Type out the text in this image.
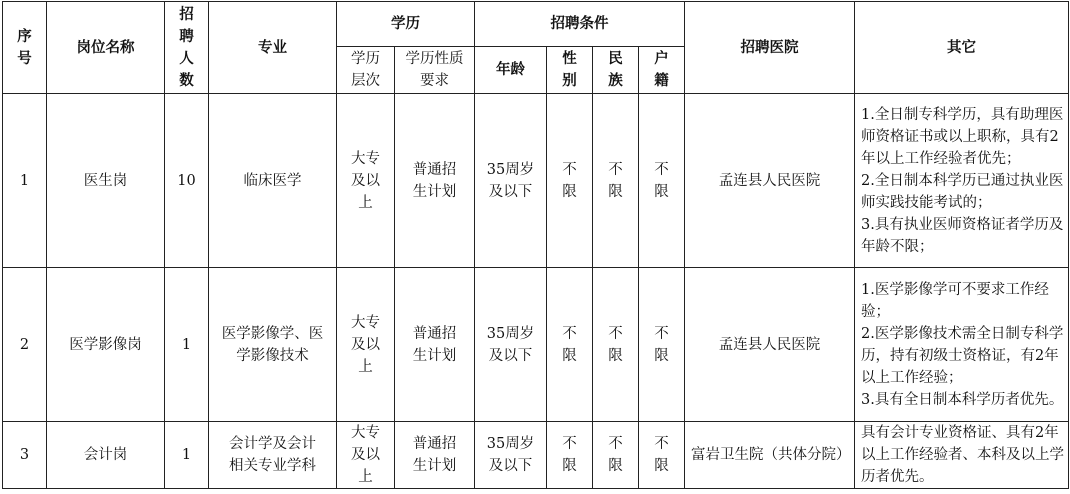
序号	岗位名称	招聘人数	专业	学历		招聘条件				招聘医院	其它
				学历层次	学历性质要求	年龄	性别	民族	户籍		
1	医生岗	10	临床医学	大专及以上	普通招生计划	35周岁及以下	不限	不限	不限	孟连县人民医院	1.全日制专科学历，具有助理医师资格证书或以上职称，具有2年以上工作经验者优先；
2.全日制本科学历已通过执业医师实践技能考试的；
3.具有执业医师资格证者学历及年龄不限；

2	医学影像岗	1	医学影像学、医学影像技术	大专及以上	普通招生计划	35周岁及以下	不限	不限	不限	孟连县人民医院	1.医学影像学可不要求工作经验；
2.医学影像技术需全日制专科学历，持有初级士资格证，有2年以上工作经验；
3.具有全日制本科学历者优先。

3	会计岗	1	会计学及会计相关专业学科	大专及以上	普通招生计划	35周岁及以下	不限	不限	不限	富岩卫生院（共体分院）	具有会计专业资格证、具有2年以上工作经验者、本科及以上学历者优先。
